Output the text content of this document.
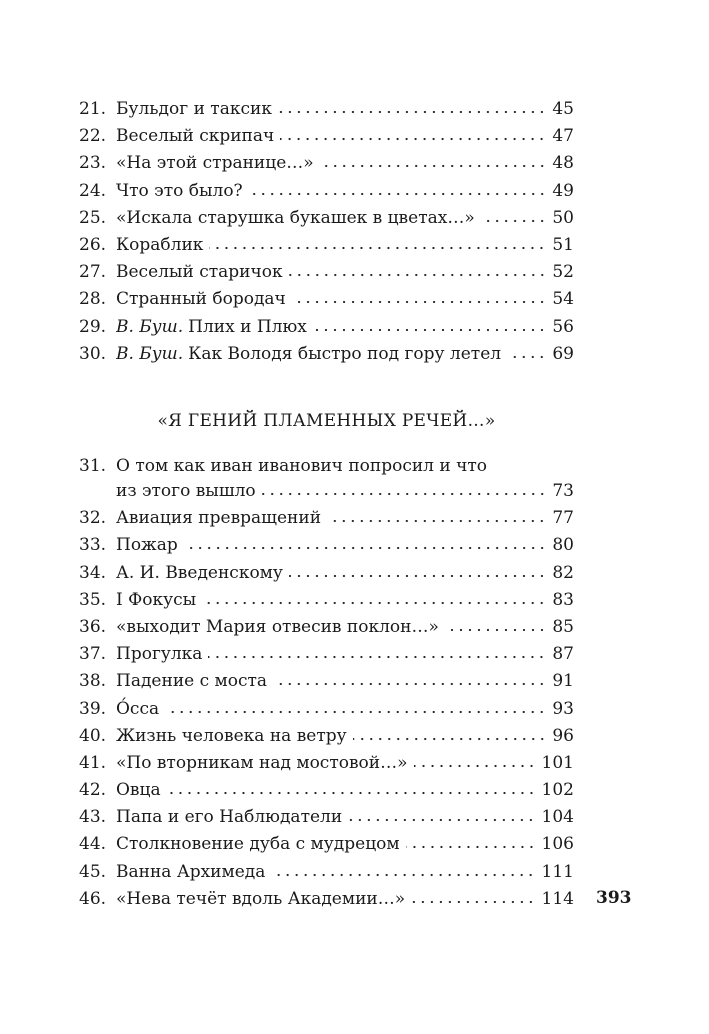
21. Бульдог и таксик	45
22. Веселый скрипач	47
23. «На этой странице…»	48
24. Что это было?	49
25. «Искала старушка букашек в цветах…»	50
26. Кораблик	51
27. Веселый старичок	52
28. Странный бородач	54
29. В. Буш. Плих и Плюх	56
30. В. Буш. Как Володя быстро под гору летел	69
«Я ГЕНИЙ ПЛАМЕННЫХ РЕЧЕЙ…»
31. О том как иван иванович попросил и что
из этого вышло	73
32. Авиация превращений	77
33. Пожар	80
34. А. И. Введенскому	82
35. I Фокусы	83
36. «выходит Мария отвесив поклон…»	85
37. Прогулка	87
38. Падение с моста	91
39. О́сса	93
40. Жизнь человека на ветру	96
41. «По вторникам над мостовой…»	101
42. Овца	102
43. Папа и его Наблюдатели	104
44. Столкновение дуба с мудрецом	106
45. Ванна Архимеда	111
46. «Нева течёт вдоль Академии…»	114 393
